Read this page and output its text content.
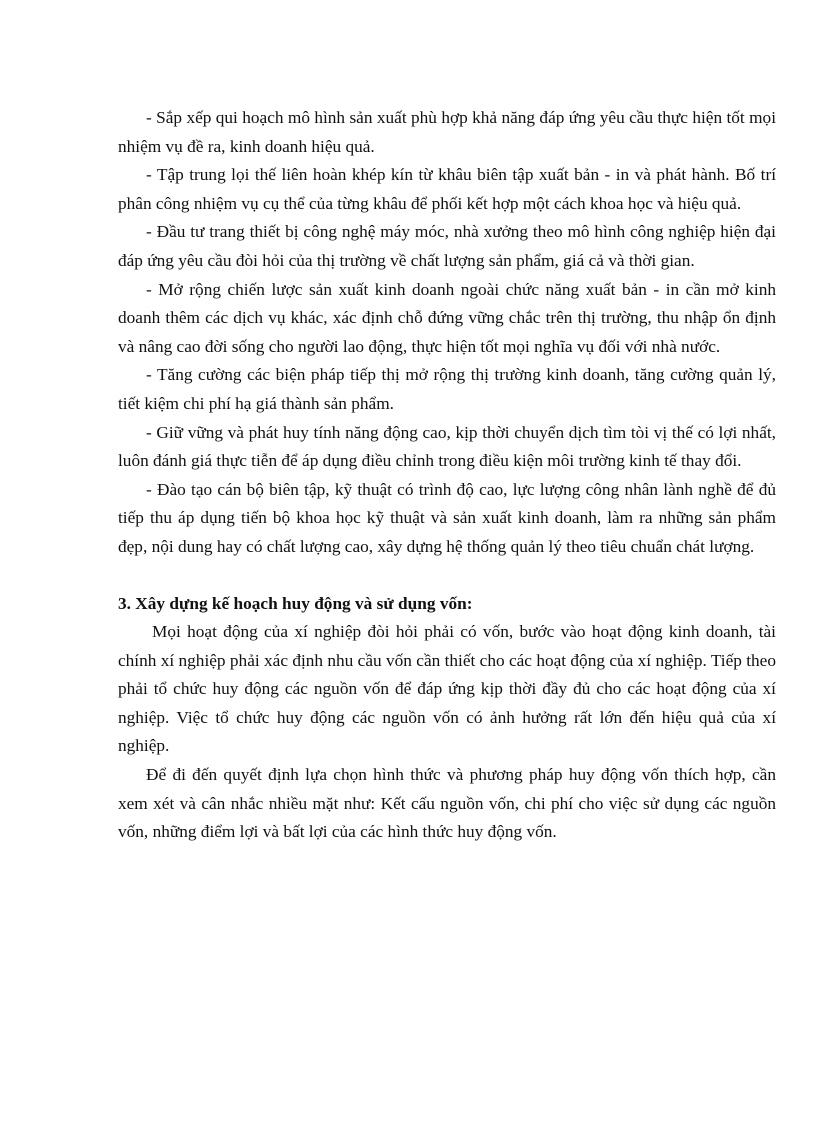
- Sắp xếp qui hoạch mô hình sản xuất phù hợp khả năng đáp ứng yêu cầu thực hiện tốt mọi nhiệm vụ đề ra, kinh doanh hiệu quả.

- Tập trung lọi thế liên hoàn khép kín từ khâu biên tập xuất bản - in và phát hành. Bố trí phân công nhiệm vụ cụ thể của từng khâu để phối kết hợp một cách khoa học và hiệu quả.

- Đầu tư trang thiết bị công nghệ máy móc, nhà xưởng theo mô hình công nghiệp hiện đại đáp ứng yêu cầu đòi hỏi của thị trường về chất lượng sản phẩm, giá cả và thời gian.

- Mở rộng chiến lược sản xuất kinh doanh ngoài chức năng xuất bản - in cần mở kinh doanh thêm các dịch vụ khác, xác định chỗ đứng vững chắc trên thị trường, thu nhập ổn định và nâng cao đời sống cho người lao động, thực hiện tốt mọi nghĩa vụ đối với nhà nước.

- Tăng cường các biện pháp tiếp thị mở rộng thị trường kinh doanh, tăng cường quản lý, tiết kiệm chi phí hạ giá thành sản phẩm.

- Giữ vững và phát huy tính năng động cao, kịp thời chuyển dịch tìm tòi vị thế có lợi nhất, luôn đánh giá thực tiễn để áp dụng điều chỉnh trong điều kiện môi trường kinh tế thay đổi.

- Đào tạo cán bộ biên tập, kỹ thuật có trình độ cao, lực lượng công nhân lành nghề để đủ tiếp thu áp dụng tiến bộ khoa học kỹ thuật và sản xuất kinh doanh, làm ra những sản phẩm đẹp, nội dung hay có chất lượng cao, xây dựng hệ thống quản lý theo tiêu chuẩn chát lượng.

3. Xây dựng kế hoạch huy động và sử dụng vốn:

Mọi hoạt động của xí nghiệp đòi hỏi phải có vốn, bước vào hoạt động kinh doanh, tài chính xí nghiệp phải xác định nhu cầu vốn cần thiết cho các hoạt động của xí nghiệp. Tiếp theo phải tổ chức huy động các nguồn vốn để đáp ứng kịp thời đầy đủ cho các hoạt động của xí nghiệp. Việc tổ chức huy động các nguồn vốn có ảnh hưởng rất lớn đến hiệu quả của xí nghiệp.

Để đi đến quyết định lựa chọn hình thức và phương pháp huy động vốn thích hợp, cần xem xét và cân nhắc nhiều mặt như: Kết cấu nguồn vốn, chi phí cho việc sử dụng các nguồn vốn, những điểm lợi và bất lợi của các hình thức huy động vốn.
